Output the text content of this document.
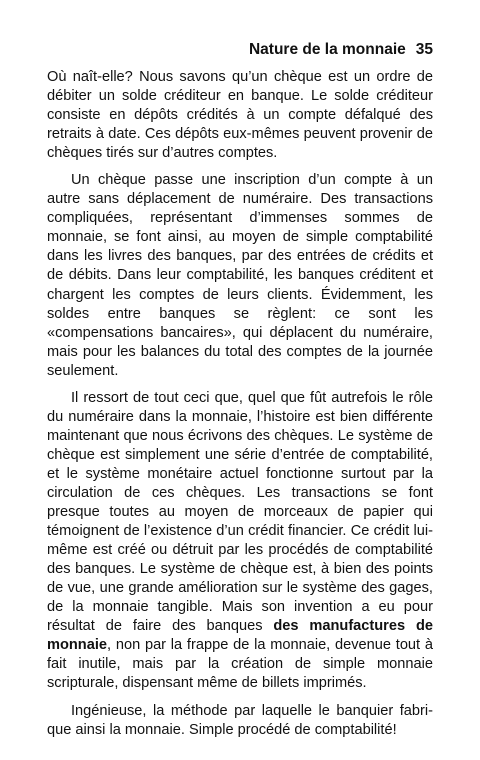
Nature de la monnaie 35

Où naît-elle? Nous savons qu’un chèque est un ordre de débiter un solde créditeur en banque. Le solde créditeur consiste en dépôts crédités à un compte défalqué des retraits à date. Ces dépôts eux-mêmes peuvent provenir de chèques tirés sur d’autres comptes.

Un chèque passe une inscription d’un compte à un autre sans déplacement de numéraire. Des transactions compliquées, représentant d’immenses sommes de monnaie, se font ainsi, au moyen de simple comptabilité dans les livres des banques, par des entrées de crédits et de débits. Dans leur comptabilité, les banques créditent et chargent les comptes de leurs clients. Évidemment, les soldes entre banques se règlent: ce sont les «compensations bancaires», qui déplacent du numéraire, mais pour les balances du total des comptes de la journée seulement.

Il ressort de tout ceci que, quel que fût autrefois le rôle du numéraire dans la monnaie, l’histoire est bien différente maintenant que nous écrivons des chèques. Le système de chèque est simplement une série d’entrée de comptabilité, et le système monétaire actuel fonctionne surtout par la circulation de ces chèques. Les transactions se font presque toutes au moyen de morceaux de papier qui témoignent de l’existence d’un crédit financier. Ce crédit lui-même est créé ou détruit par les procédés de comptabilité des banques. Le système de chèque est, à bien des points de vue, une grande amélioration sur le système des gages, de la monnaie tangible. Mais son invention a eu pour résultat de faire des banques des manufactures de monnaie, non par la frappe de la monnaie, devenue tout à fait inutile, mais par la création de simple monnaie scripturale, dispensant même de billets imprimés.

Ingénieuse, la méthode par laquelle le banquier fabrique ainsi la monnaie. Simple procédé de comptabilité!
